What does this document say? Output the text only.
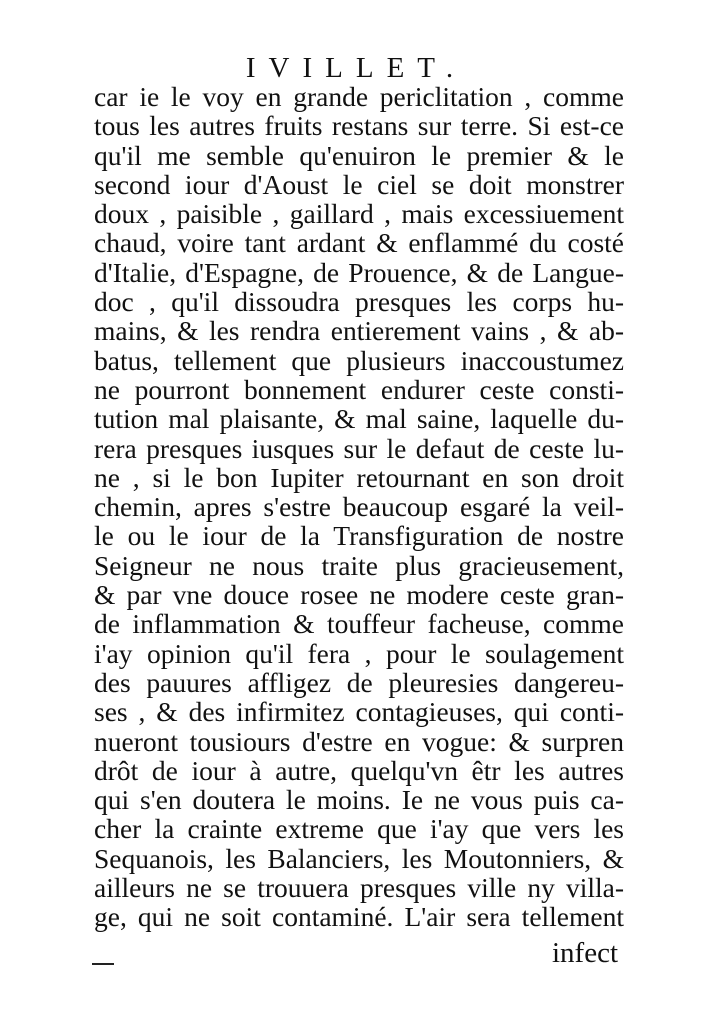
IVILLET.
car ie le voy en grande periclitation , comme
tous les autres fruits restans sur terre. Si est-ce
qu'il me semble qu'enuiron le premier & le
second iour d'Aoust le ciel se doit monstrer
doux , paisible , gaillard , mais excessiuement
chaud, voire tant ardant & enflammé du costé
d'Italie, d'Espagne, de Prouence, & de Langue-
doc , qu'il dissoudra presques les corps hu-
mains, & les rendra entierement vains , & ab-
batus, tellement que plusieurs inaccoustumez
ne pourront bonnement endurer ceste consti-
tution mal plaisante, & mal saine, laquelle du-
rera presques iusques sur le defaut de ceste lu-
ne , si le bon Iupiter retournant en son droit
chemin, apres s'estre beaucoup esgaré la veil-
le ou le iour de la Transfiguration de nostre
Seigneur ne nous traite plus gracieusement,
& par vne douce rosee ne modere ceste gran-
de inflammation & touffeur facheuse, comme
i'ay opinion qu'il fera , pour le soulagement
des pauures affligez de pleuresies dangereu-
ses , & des infirmitez contagieuses, qui conti-
nueront tousiours d'estre en vogue: & surpren
drôt de iour à autre, quelqu'vn êtr les autres
qui s'en doutera le moins. Ie ne vous puis ca-
cher la crainte extreme que i'ay que vers les
Sequanois, les Balanciers, les Moutonniers, &
ailleurs ne se trouuera presques ville ny villa-
ge, qui ne soit contaminé. L'air sera tellement
infect
